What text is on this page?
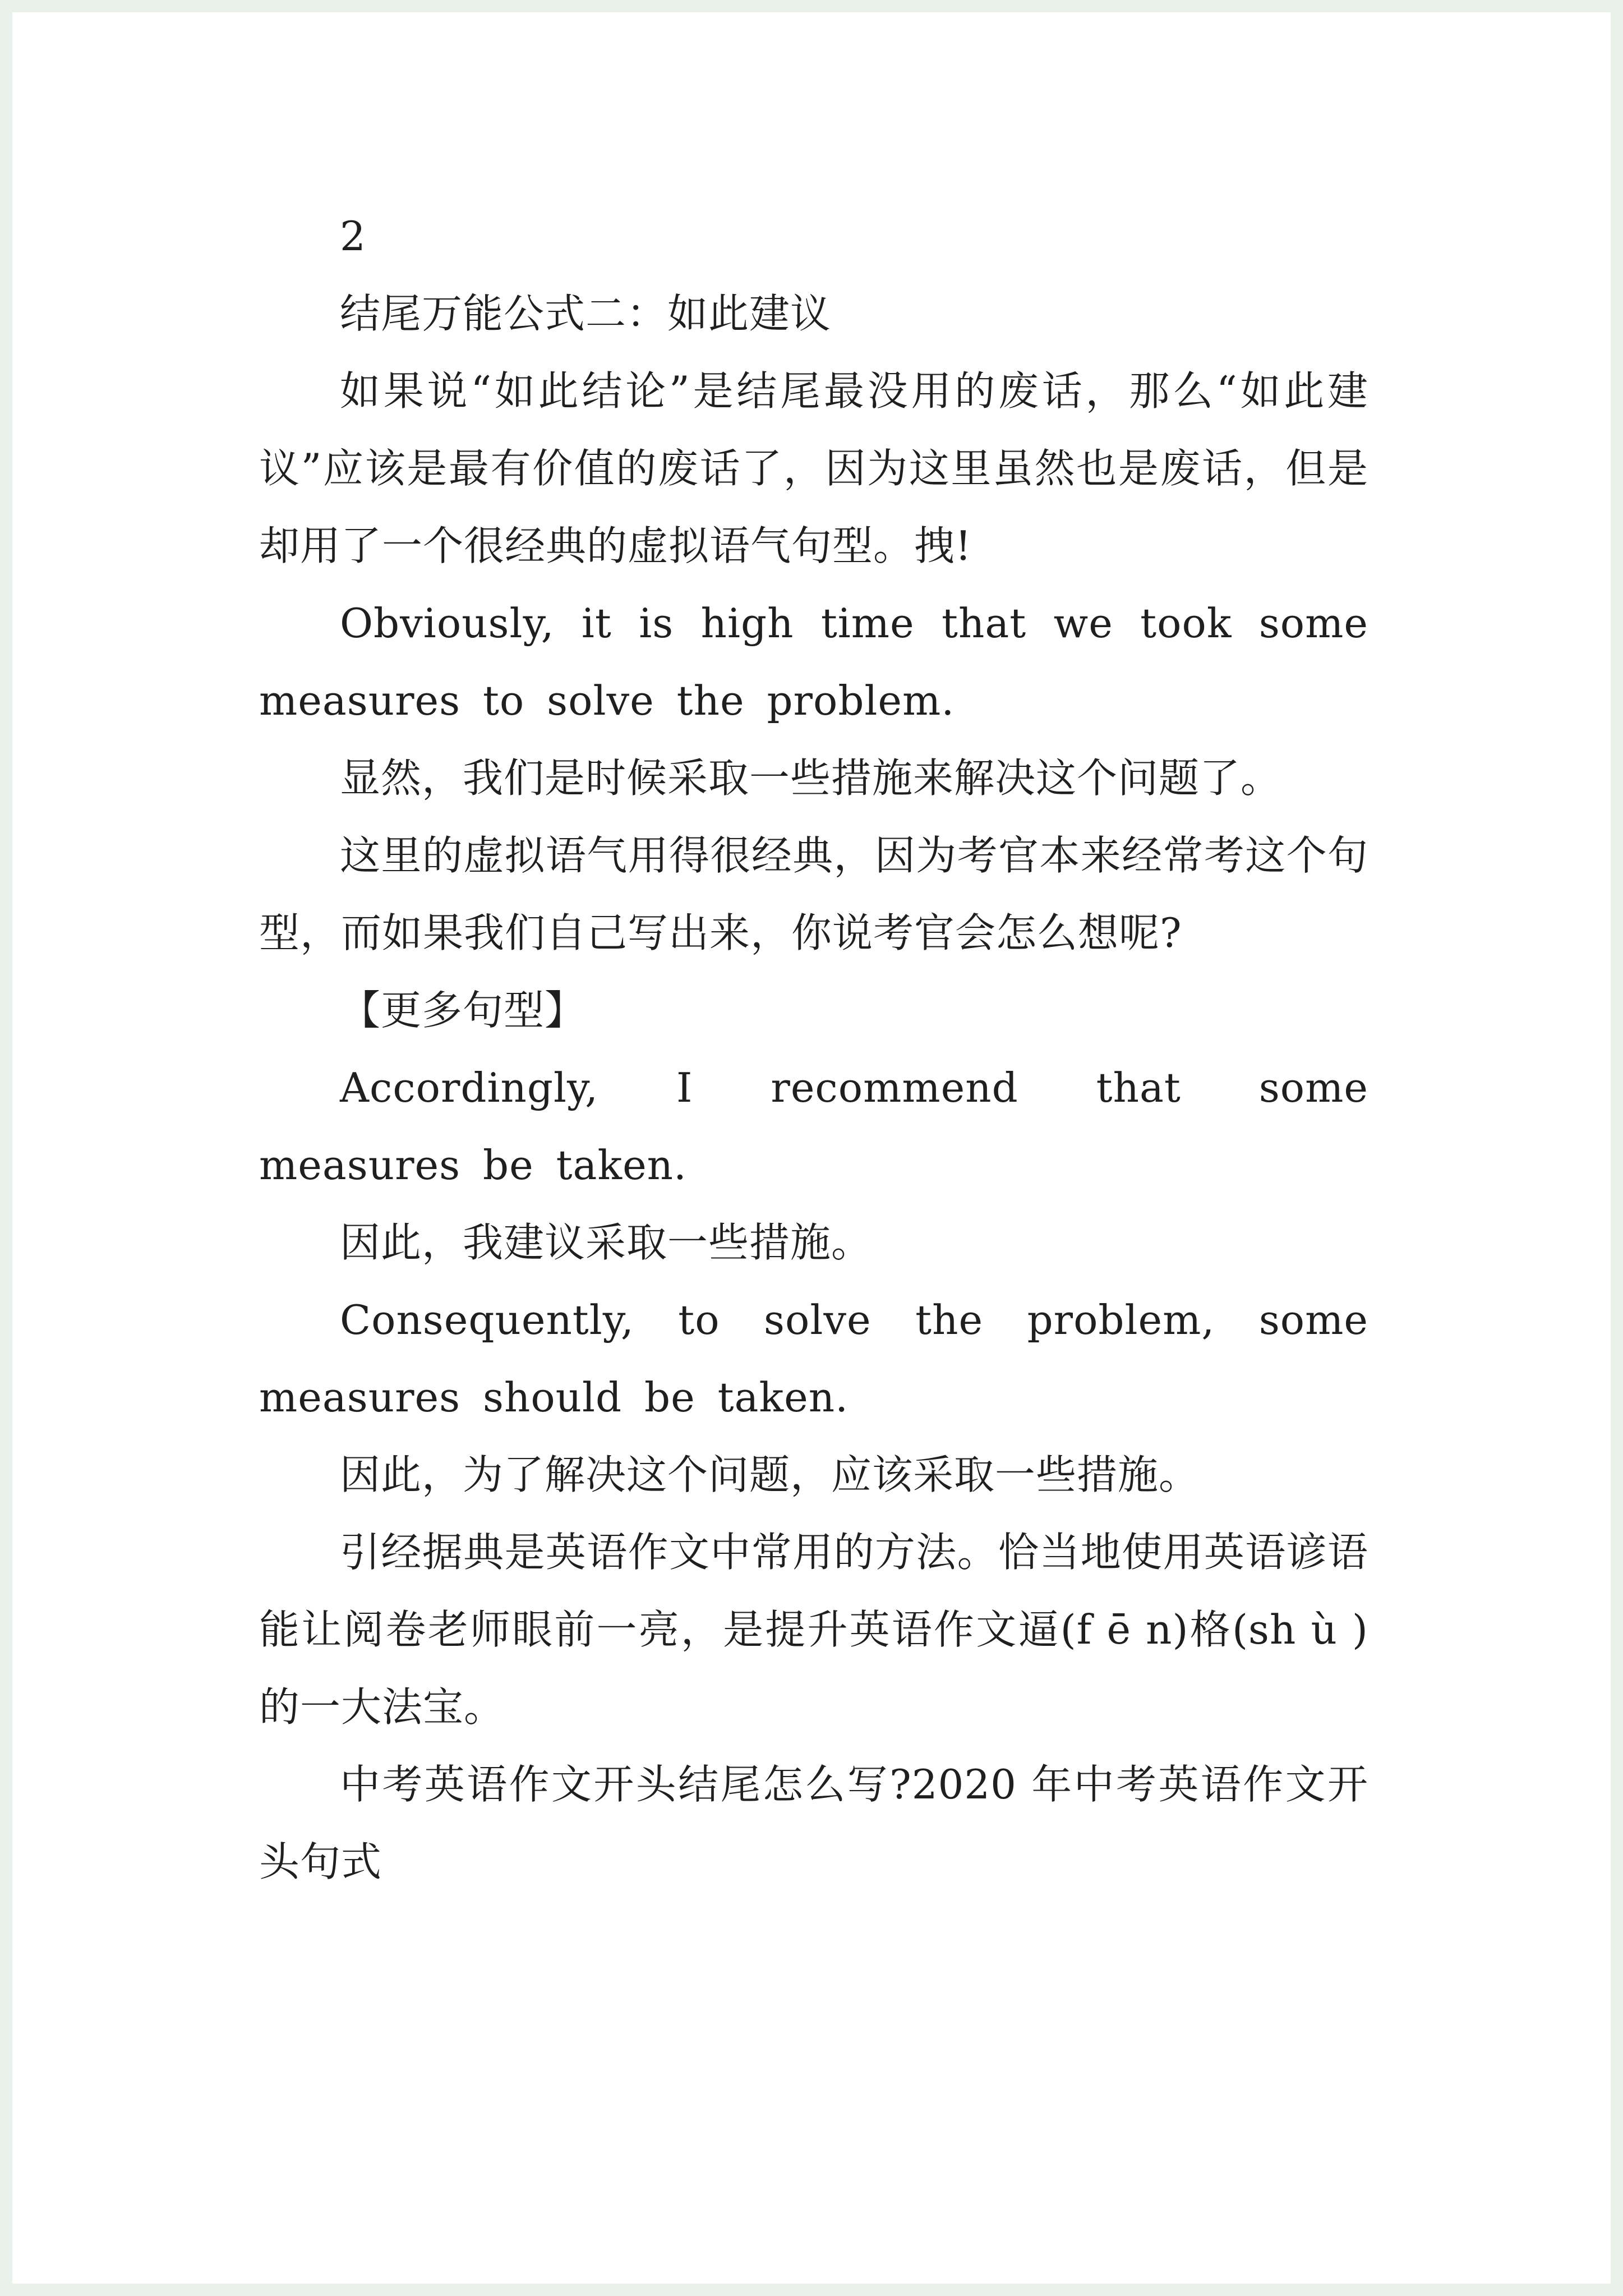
2

结尾万能公式二：如此建议

如果说“如此结论”是结尾最没用的废话，那么“如此建议”应该是最有价值的废话了，因为这里虽然也是废话，但是却用了一个很经典的虚拟语气句型。拽!

Obviously, it is high time that we took some measures to solve the problem.

显然，我们是时候采取一些措施来解决这个问题了。

这里的虚拟语气用得很经典，因为考官本来经常考这个句型，而如果我们自己写出来，你说考官会怎么想呢?

【更多句型】

Accordingly, I recommend that some measures be taken.

因此，我建议采取一些措施。

Consequently, to solve the problem, some measures should be taken.

因此，为了解决这个问题，应该采取一些措施。

引经据典是英语作文中常用的方法。恰当地使用英语谚语能让阅卷老师眼前一亮，是提升英语作文逼(f ē n)格(sh ù )的一大法宝。

中考英语作文开头结尾怎么写?2020 年中考英语作文开头句式
